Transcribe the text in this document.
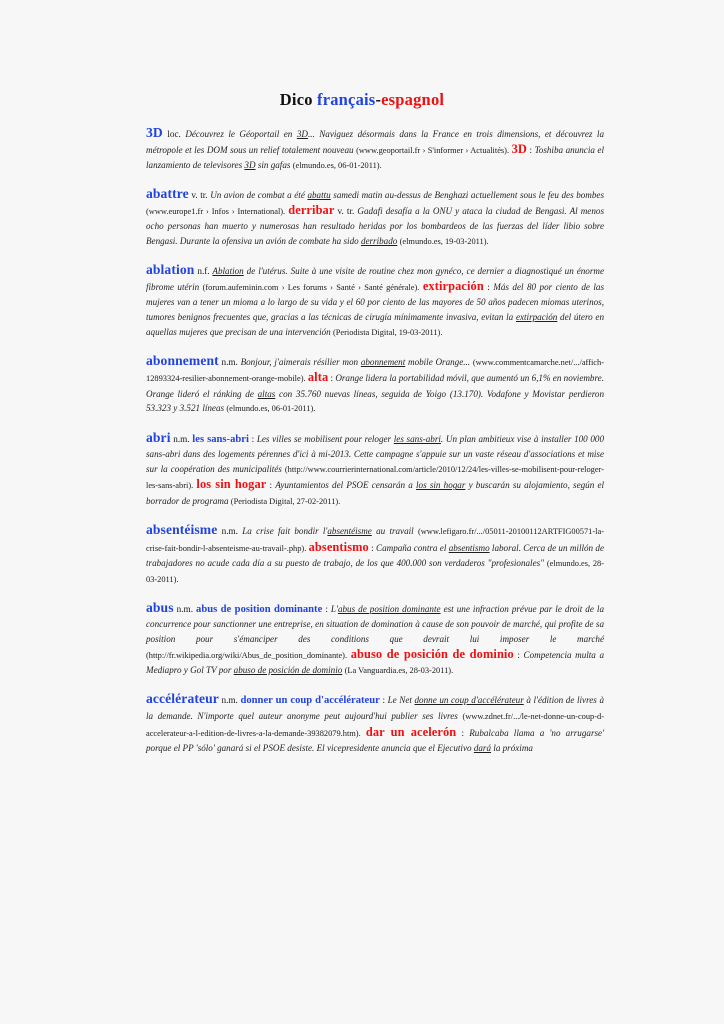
Dico français-espagnol

3D loc. Découvrez le Géoportail en 3D... Naviguez désormais dans la France en trois dimensions, et découvrez la métropole et les DOM sous un relief totalement nouveau (www.geoportail.fr › S'informer › Actualités). 3D : Toshiba anuncia el lanzamiento de televisores 3D sin gafas (elmundo.es, 06-01-2011).

abattre v. tr. Un avion de combat a été abattu samedi matin au-dessus de Benghazi actuellement sous le feu des bombes (www.europe1.fr › Infos › International). derribar v. tr. Gadafi desafía a la ONU y ataca la ciudad de Bengasi. Al menos ocho personas han muerto y numerosas han resultado heridas por los bombardeos de las fuerzas del líder libio sobre Bengasi. Durante la ofensiva un avión de combate ha sido derribado (elmundo.es, 19-03-2011).

ablation n.f. Ablation de l'utérus. Suite à une visite de routine chez mon gynéco, ce dernier a diagnostiqué un énorme fibrome utérin (forum.aufeminin.com › Les forums › Santé › Santé générale). extirpación : Más del 80 por ciento de las mujeres van a tener un mioma a lo largo de su vida y el 60 por ciento de las mayores de 50 años padecen miomas uterinos, tumores benignos frecuentes que, gracias a las técnicas de cirugía mínimamente invasiva, evitan la extirpación del útero en aquellas mujeres que precisan de una intervención (Periodista Digital, 19-03-2011).

abonnement n.m. Bonjour, j'aimerais résilier mon abonnement mobile Orange... (www.commentcamarche.net/.../affich-12893324-resilier-abonnement-orange-mobile). alta : Orange lidera la portabilidad móvil, que aumentó un 6,1% en noviembre. Orange lideró el ránking de altas con 35.760 nuevas líneas, seguida de Yoigo (13.170). Vodafone y Movistar perdieron 53.323 y 3.521 líneas (elmundo.es, 06-01-2011).

abri n.m. les sans-abri : Les villes se mobilisent pour reloger les sans-abri. Un plan ambitieux vise à installer 100 000 sans-abri dans des logements pérennes d'ici à mi-2013. Cette campagne s'appuie sur un vaste réseau d'associations et mise sur la coopération des municipalités (http://www.courrierinternational.com/article/2010/12/24/les-villes-se-mobilisent-pour-reloger-les-sans-abri). los sin hogar : Ayuntamientos del PSOE censarán a los sin hogar y buscarán su alojamiento, según el borrador de programa (Periodista Digital, 27-02-2011).

absentéisme n.m. La crise fait bondir l'absentéisme au travail (www.lefigaro.fr/.../05011-20100112ARTFIG00571-la-crise-fait-bondir-l-absenteisme-au-travail-.php). absentismo : Campaña contra el absentismo laboral. Cerca de un millón de trabajadores no acude cada día a su puesto de trabajo, de los que 400.000 son verdaderos "profesionales" (elmundo.es, 28-03-2011).

abus n.m. abus de position dominante : L'abus de position dominante est une infraction prévue par le droit de la concurrence pour sanctionner une entreprise, en situation de domination à cause de son pouvoir de marché, qui profite de sa position pour s'émanciper des conditions que devrait lui imposer le marché (http://fr.wikipedia.org/wiki/Abus_de_position_dominante). abuso de posición de dominio : Competencia multa a Mediapro y Gol TV por abuso de posición de dominio (La Vanguardia.es, 28-03-2011).

accélérateur n.m. donner un coup d'accélérateur : Le Net donne un coup d'accélérateur à l'édition de livres à la demande. N'importe quel auteur anonyme peut aujourd'hui publier ses livres (www.zdnet.fr/.../le-net-donne-un-coup-d-accelerateur-a-l-edition-de-livres-a-la-demande-39382079.htm). dar un acelerón : Rubalcaba llama a 'no arrugarse' porque el PP 'sólo' ganará si el PSOE desiste. El vicepresidente anuncia que el Ejecutivo dará la próxima
